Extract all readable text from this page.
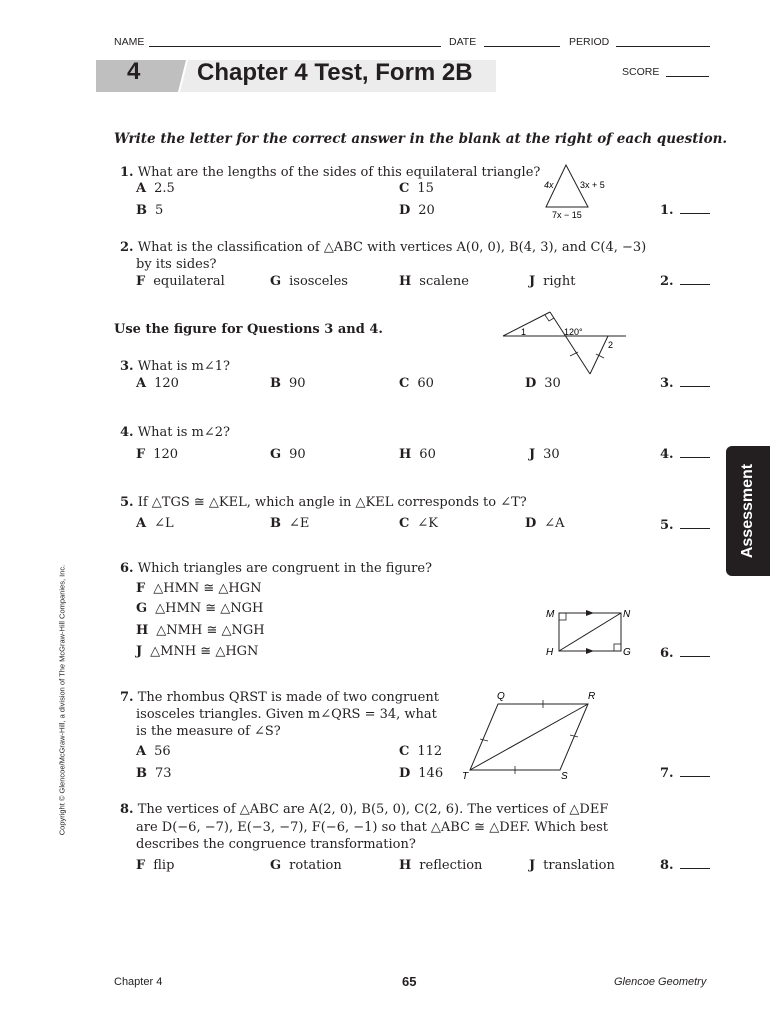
NAME	DATE	PERIOD
4 Chapter 4 Test, Form 2B	SCORE
Write the letter for the correct answer in the blank at the right of each question.
1. What are the lengths of the sides of this equilateral triangle?
A 2.5
B 5
C 15
D 20
4x	3x + 5
7x − 15	1.
2. What is the classification of △ABC with vertices A(0, 0), B(4, 3), and C(4, −3)
by its sides?
F equilateral	G isosceles	H scalene	J right	2.
Use the figure for Questions 3 and 4.	1	120°
2
3. What is m∠1?
A 120	B 90	C 60	D 30	3.
4. What is m∠2?
F 120	G 90	H 60	J 30	4.
Assessment
5. If △TGS ≅ △KEL, which angle in △KEL corresponds to ∠T?
A ∠L	B ∠E	C ∠K	D ∠A	5.
Copyright © Glencoe/McGraw-Hill, a division of The McGraw-Hill Companies, Inc.	6. Which triangles are congruent in the figure?
F △HMN ≅ △HGN
G △HMN ≅ △NGH
H △NMH ≅ △NGH
J △MNH ≅ △HGN
M	N
H	G 6.
7. The rhombus QRST is made of two congruent
isosceles triangles. Given m∠QRS = 34, what
is the measure of ∠S?
A 56
B 73
C 112
D 146
Q	R
T	S	7.
8. The vertices of △ABC are A(2, 0), B(5, 0), C(2, 6). The vertices of △DEF
are D(−6, −7), E(−3, −7), F(−6, −1) so that △ABC ≅ △DEF. Which best
describes the congruence transformation?
F flip	G rotation	H reflection	J translation	8.
Chapter 4	65	Glencoe Geometry
